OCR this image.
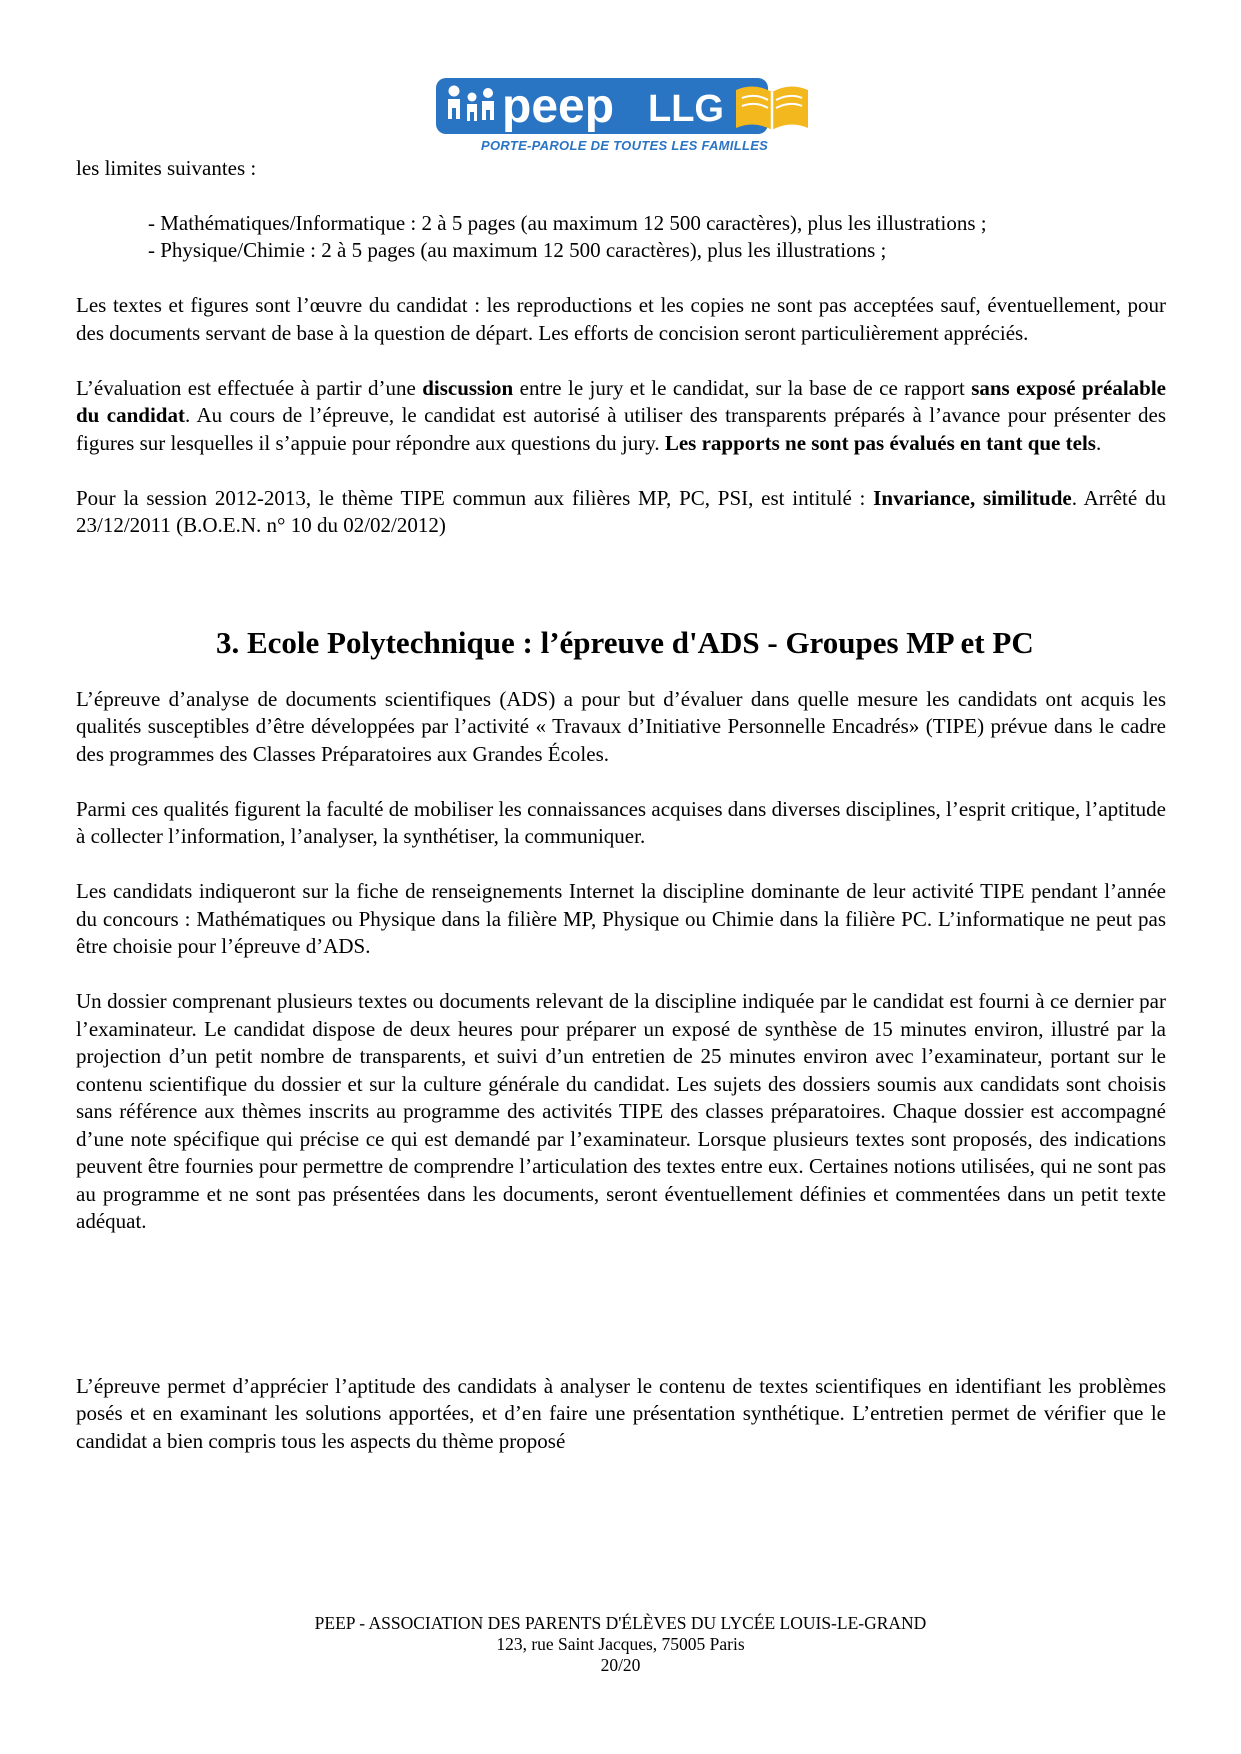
peep LLG
PORTE-PAROLE DE TOUTES LES FAMILLES

les limites suivantes :

- Mathématiques/Informatique : 2 à 5 pages (au maximum 12 500 caractères), plus les illustrations ;
- Physique/Chimie : 2 à 5 pages (au maximum 12 500 caractères), plus les illustrations ;

Les textes et figures sont l’œuvre du candidat : les reproductions et les copies ne sont pas acceptées sauf, éventuellement, pour des documents servant de base à la question de départ. Les efforts de concision seront particulièrement appréciés.

L’évaluation est effectuée à partir d’une discussion entre le jury et le candidat, sur la base de ce rapport sans exposé préalable du candidat. Au cours de l’épreuve, le candidat est autorisé à utiliser des transparents préparés à l’avance pour présenter des figures sur lesquelles il s’appuie pour répondre aux questions du jury. Les rapports ne sont pas évalués en tant que tels.

Pour la session 2012-2013, le thème TIPE commun aux filières MP, PC, PSI, est intitulé : Invariance, similitude. Arrêté du 23/12/2011 (B.O.E.N. n° 10 du 02/02/2012)

3. Ecole Polytechnique : l’épreuve d'ADS - Groupes MP et PC

L’épreuve d’analyse de documents scientifiques (ADS) a pour but d’évaluer dans quelle mesure les candidats ont acquis les qualités susceptibles d’être développées par l’activité « Travaux d’Initiative Personnelle Encadrés» (TIPE) prévue dans le cadre des programmes des Classes Préparatoires aux Grandes Écoles.

Parmi ces qualités figurent la faculté de mobiliser les connaissances acquises dans diverses disciplines, l’esprit critique, l’aptitude à collecter l’information, l’analyser, la synthétiser, la communiquer.

Les candidats indiqueront sur la fiche de renseignements Internet la discipline dominante de leur activité TIPE pendant l’année du concours : Mathématiques ou Physique dans la filière MP, Physique ou Chimie dans la filière PC. L’informatique ne peut pas être choisie pour l’épreuve d’ADS.

Un dossier comprenant plusieurs textes ou documents relevant de la discipline indiquée par le candidat est fourni à ce dernier par l’examinateur. Le candidat dispose de deux heures pour préparer un exposé de synthèse de 15 minutes environ, illustré par la projection d’un petit nombre de transparents, et suivi d’un entretien de 25 minutes environ avec l’examinateur, portant sur le contenu scientifique du dossier et sur la culture générale du candidat. Les sujets des dossiers soumis aux candidats sont choisis sans référence aux thèmes inscrits au programme des activités TIPE des classes préparatoires. Chaque dossier est accompagné d’une note spécifique qui précise ce qui est demandé par l’examinateur. Lorsque plusieurs textes sont proposés, des indications peuvent être fournies pour permettre de comprendre l’articulation des textes entre eux. Certaines notions utilisées, qui ne sont pas au programme et ne sont pas présentées dans les documents, seront éventuellement définies et commentées dans un petit texte adéquat.

L’épreuve permet d’apprécier l’aptitude des candidats à analyser le contenu de textes scientifiques en identifiant les problèmes posés et en examinant les solutions apportées, et d’en faire une présentation synthétique. L’entretien permet de vérifier que le candidat a bien compris tous les aspects du thème proposé

PEEP - ASSOCIATION DES PARENTS D'ÉLÈVES DU LYCÉE LOUIS-LE-GRAND
123, rue Saint Jacques, 75005 Paris
20/20
